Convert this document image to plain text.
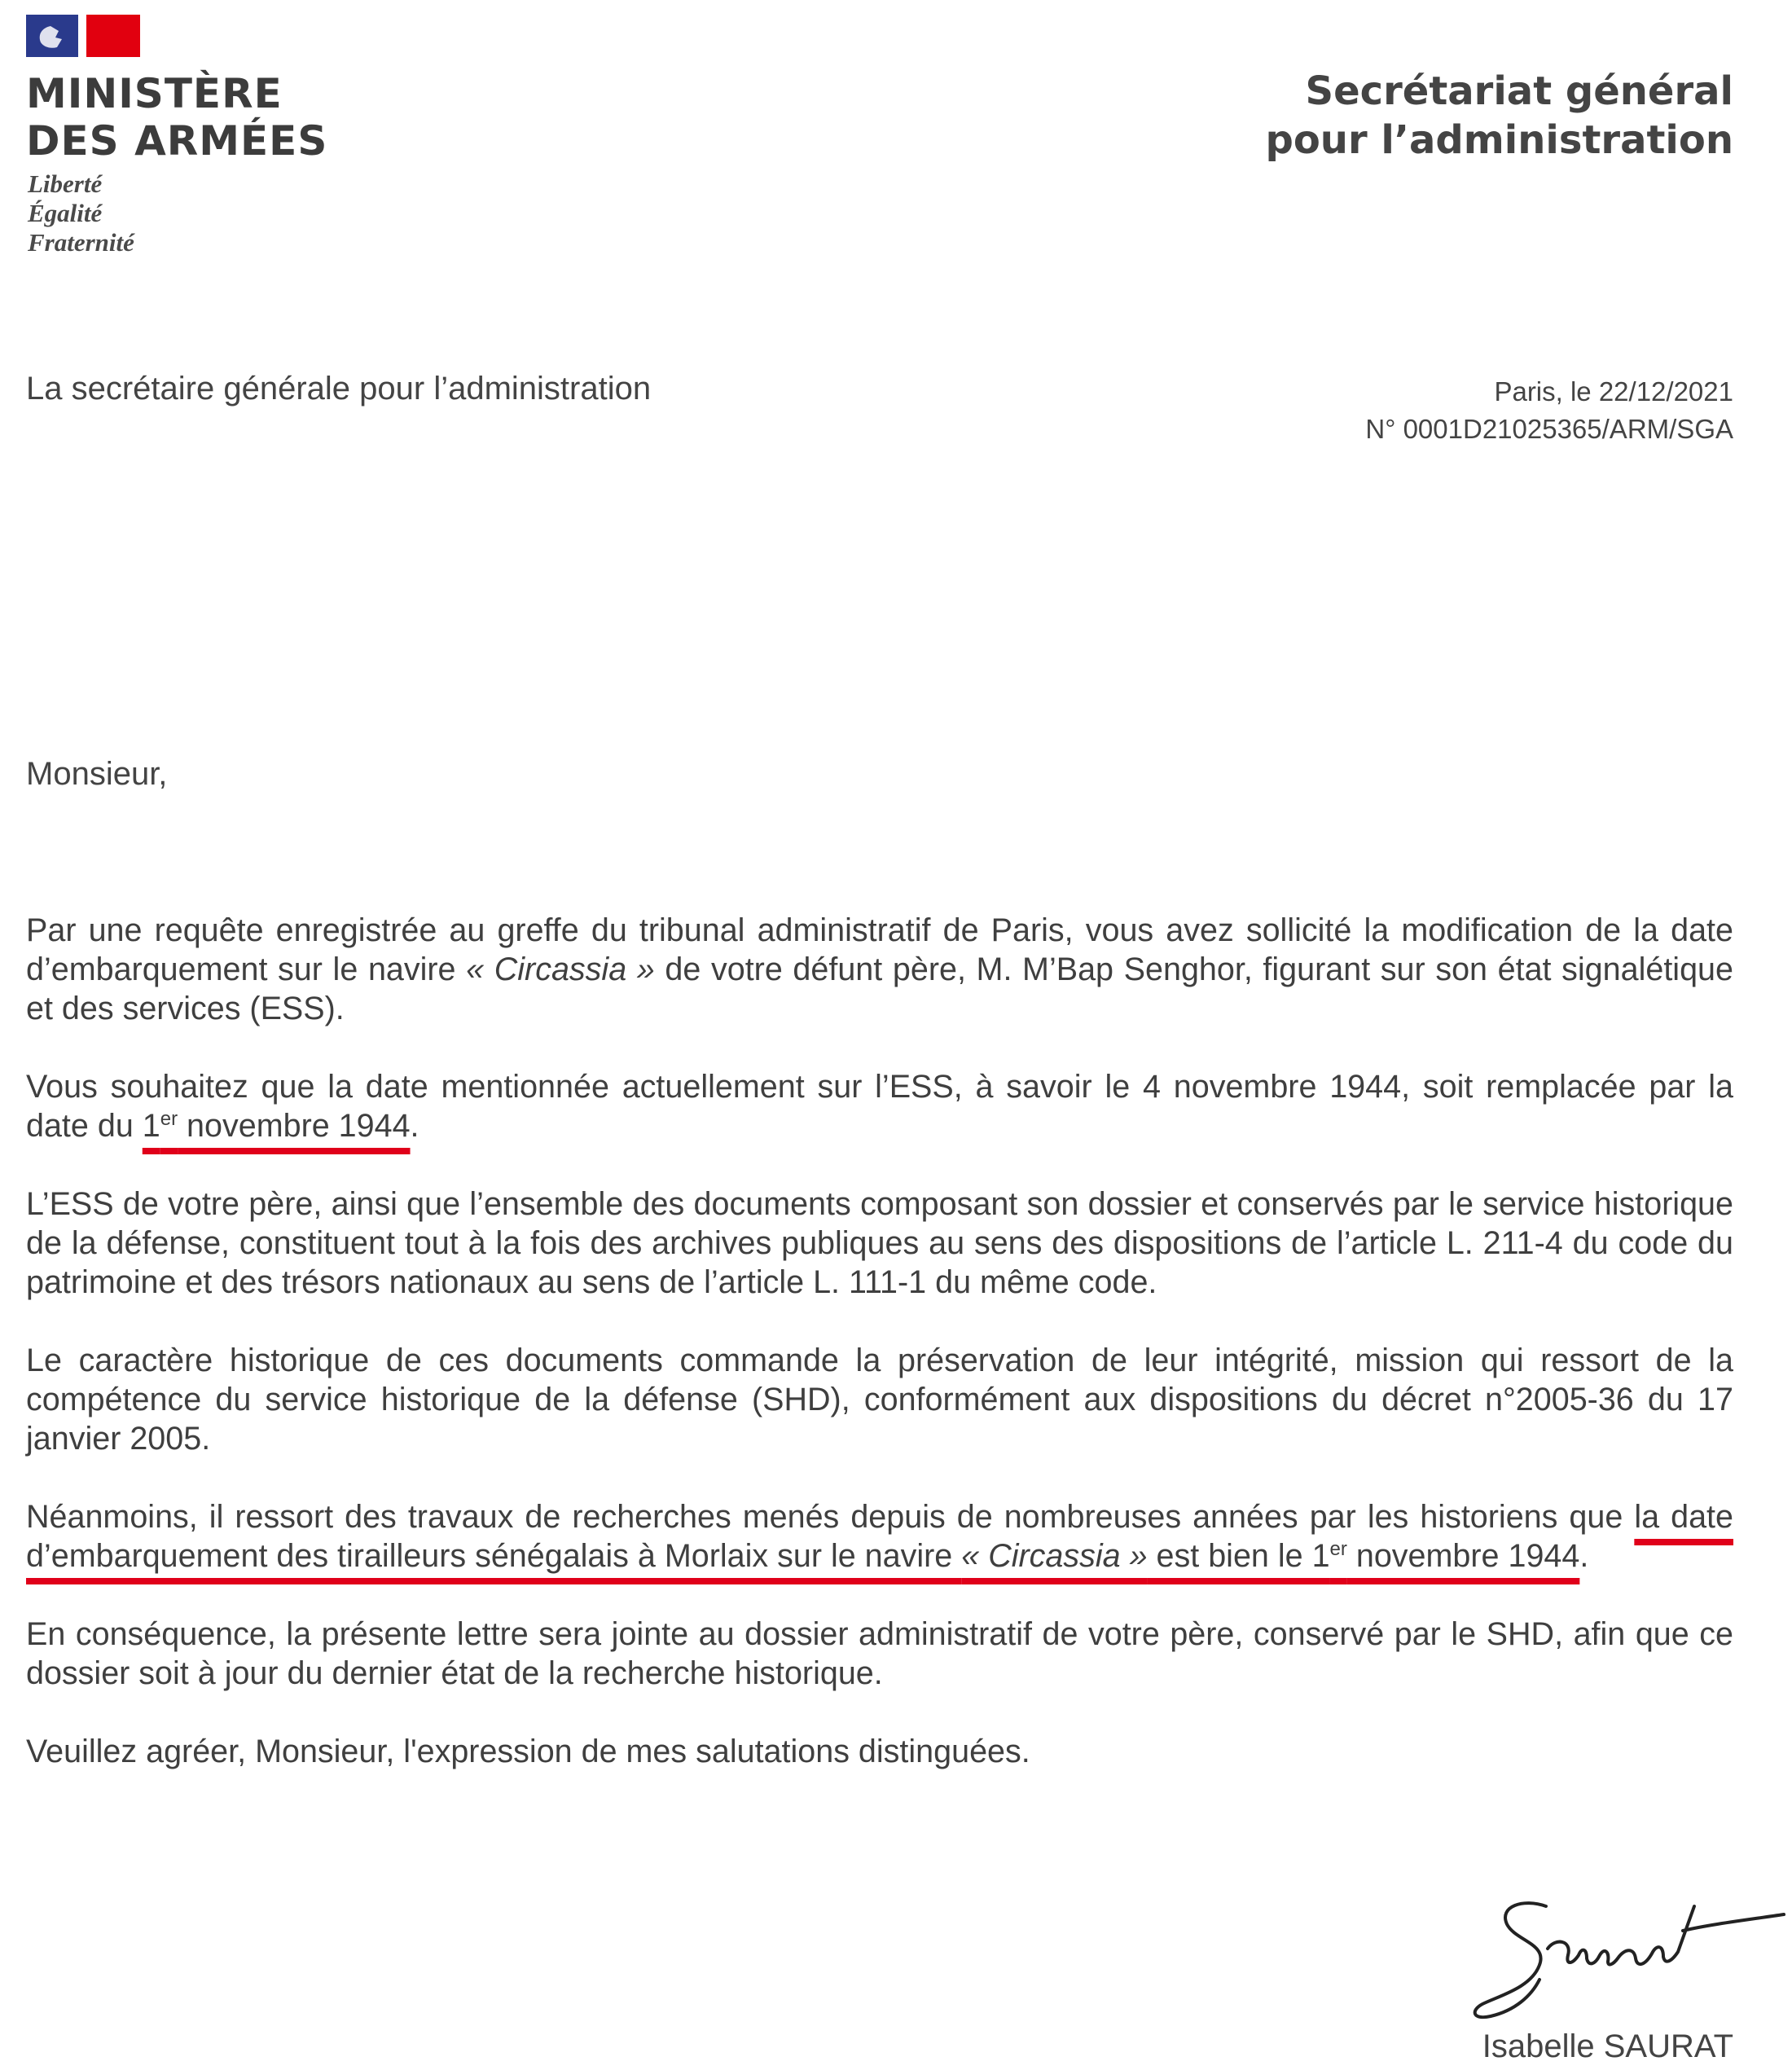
MINISTÈRE
DES ARMÉES
Liberté
Égalité
Fraternité
Secrétariat général
pour l’administration
La secrétaire générale pour l’administration	Paris, le 22/12/2021
N° 0001D21025365/ARM/SGA
Monsieur,

Par une requête enregistrée au greffe du tribunal administratif de Paris, vous avez sollicité la modification de la date d’embarquement sur le navire « Circassia » de votre défunt père, M. M’Bap Senghor, figurant sur son état signalétique et des services (ESS).

Vous souhaitez que la date mentionnée actuellement sur l’ESS, à savoir le 4 novembre 1944, soit remplacée par la date du 1er novembre 1944.

L’ESS de votre père, ainsi que l’ensemble des documents composant son dossier et conservés par le service historique de la défense, constituent tout à la fois des archives publiques au sens des dispositions de l’article L. 211-4 du code du patrimoine et des trésors nationaux au sens de l’article L. 111-1 du même code.

Le caractère historique de ces documents commande la préservation de leur intégrité, mission qui ressort de la compétence du service historique de la défense (SHD), conformément aux dispositions du décret n°2005-36 du 17 janvier 2005.

Néanmoins, il ressort des travaux de recherches menés depuis de nombreuses années par les historiens que la date d’embarquement des tirailleurs sénégalais à Morlaix sur le navire « Circassia » est bien le 1er novembre 1944.

En conséquence, la présente lettre sera jointe au dossier administratif de votre père, conservé par le SHD, afin que ce dossier soit à jour du dernier état de la recherche historique.

Veuillez agréer, Monsieur, l'expression de mes salutations distinguées.

Isabelle SAURAT
